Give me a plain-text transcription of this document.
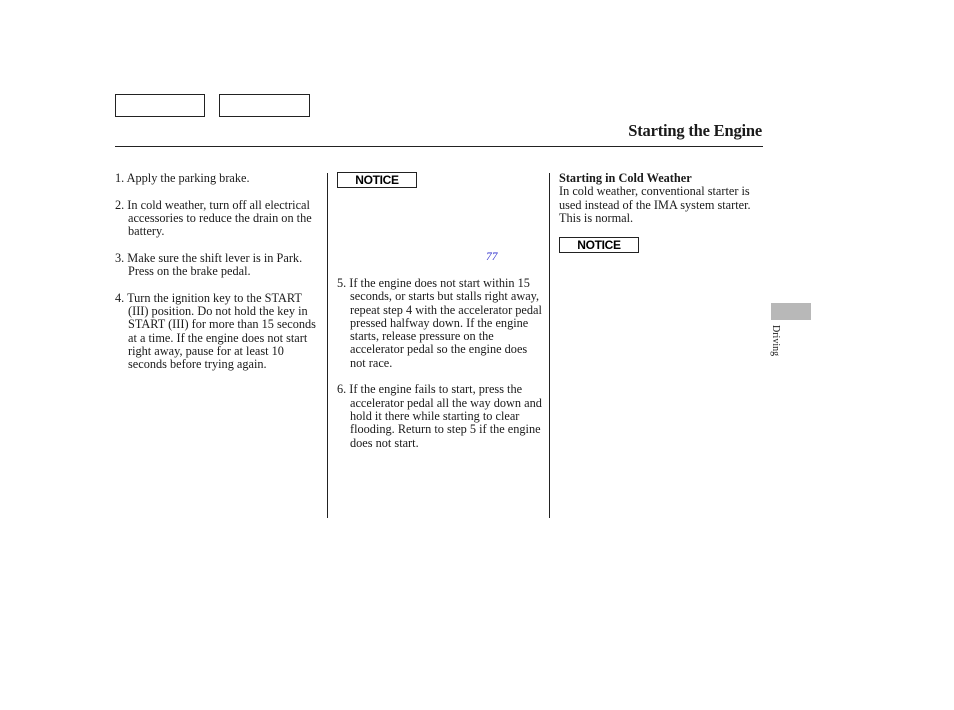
Starting the Engine
1. Apply the parking brake.
2. In cold weather, turn off all electrical accessories to reduce the drain on the battery.
3. Make sure the shift lever is in Park. Press on the brake pedal.
4. Turn the ignition key to the START (III) position. Do not hold the key in START (III) for more than 15 seconds at a time. If the engine does not start right away, pause for at least 10 seconds before trying again.
NOTICE
5. If the engine does not start within 15 seconds, or starts but stalls right away, repeat step 4 with the accelerator pedal pressed halfway down. If the engine starts, release pressure on the accelerator pedal so the engine does not race.
6. If the engine fails to start, press the accelerator pedal all the way down and hold it there while starting to clear flooding. Return to step 5 if the engine does not start.
77
Starting in Cold Weather

In cold weather, conventional starter is used instead of the IMA system starter. This is normal.

NOTICE
Driving
